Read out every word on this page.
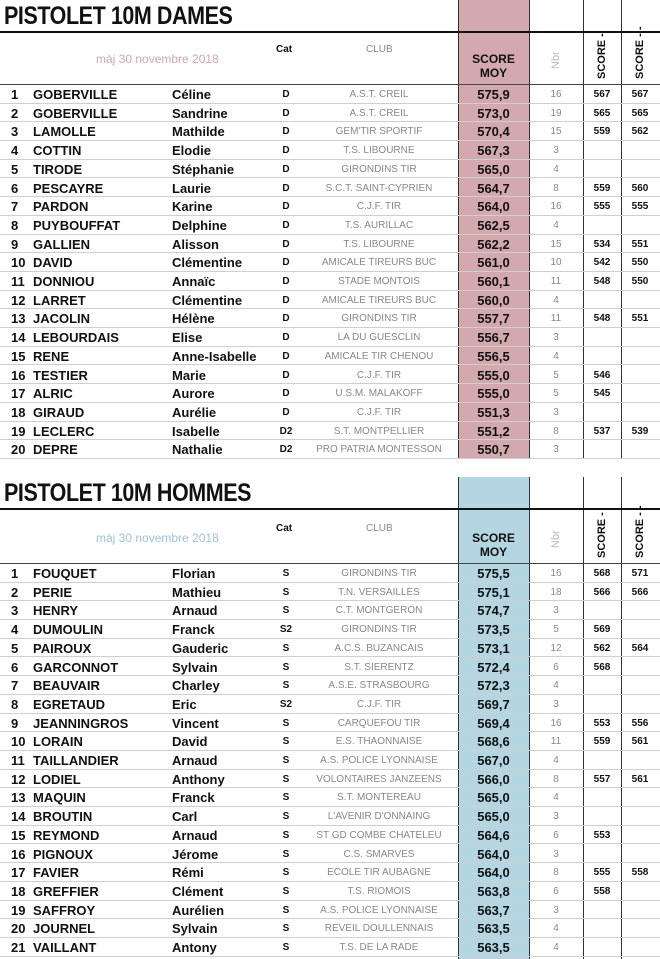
PISTOLET 10M DAMES
màj 30 novembre 2018
Cat	CLUB
SCORE MOY
Nbr	SCORE - SCORE - -
1 GOBERVILLE	Céline	D	A.S.T. CREIL	575,9	16	567	567
2 GOBERVILLE	Sandrine	D	A.S.T. CREIL	573,0	19	565	565
3 LAMOLLE	Mathilde	D	GEM'TIR SPORTIF	570,4	15	559	562
4 COTTIN	Elodie	D	T.S. LIBOURNE	567,3	3
5 TIRODE	Stéphanie	D	GIRONDINS TIR	565,0	4
6 PESCAYRE	Laurie	D	S.C.T. SAINT-CYPRIEN	564,7	8	559	560
7 PARDON	Karine	D	C.J.F. TIR	564,0	16	555	555
8 PUYBOUFFAT	Delphine	D	T.S. AURILLAC	562,5	4
9 GALLIEN	Alisson	D	T.S. LIBOURNE	562,2	15	534	551
10 DAVID	Clémentine	D	AMICALE TIREURS BUC	561,0	10	542	550
11 DONNIOU	Annaïc	D	STADE MONTOIS	560,1	11	548	550
12 LARRET	Clémentine	D	AMICALE TIREURS BUC	560,0	4
13 JACOLIN	Hélène	D	GIRONDINS TIR	557,7	11	548	551
14 LEBOURDAIS	Elise	D	LA DU GUESCLIN	556,7	3
15 RENE	Anne-Isabelle	D	AMICALE TIR CHENOU	556,5	4
16 TESTIER	Marie	D	C.J.F. TIR	555,0	5	546
17 ALRIC	Aurore	D	U.S.M. MALAKOFF	555,0	5	545
18 GIRAUD	Aurélie	D	C.J.F. TIR	551,3	3
19 LECLERC	Isabelle	D2	S.T. MONTPELLIER	551,2	8	537	539
20 DEPRE	Nathalie	D2	PRO PATRIA MONTESSON	550,7	3
PISTOLET 10M HOMMES
màj 30 novembre 2018
Cat	CLUB
SCORE MOY
Nbr	SCORE - SCORE - -
1 FOUQUET	Florian	S	GIRONDINS TIR	575,5	16	568	571
2 PERIE	Mathieu	S	T.N. VERSAILLES	575,1	18	566	566
3 HENRY	Arnaud	S	C.T. MONTGERON	574,7	3
4 DUMOULIN	Franck	S2	GIRONDINS TIR	573,5	5	569
5 PAIROUX	Gauderic	S	A.C.S. BUZANCAIS	573,1	12	562	564
6 GARCONNOT	Sylvain	S	S.T. SIERENTZ	572,4	6	568
7 BEAUVAIR	Charley	S	A.S.E. STRASBOURG	572,3	4
8 EGRETAUD	Eric	S2	C.J.F. TIR	569,7	3
9 JEANNINGROS	Vincent	S	CARQUEFOU TIR	569,4	16	553	556
10 LORAIN	David	S	E.S. THAONNAISE	568,6	11	559	561
11 TAILLANDIER	Arnaud	S	A.S. POLICE LYONNAISE	567,0	4
12 LODIEL	Anthony	S	VOLONTAIRES JANZEENS	566,0	8	557	561
13 MAQUIN	Franck	S	S.T. MONTEREAU	565,0	4
14 BROUTIN	Carl	S	L'AVENIR D'ONNAING	565,0	3
15 REYMOND	Arnaud	S	ST GD COMBE CHATELEU	564,6	6	553
16 PIGNOUX	Jérome	S	C.S. SMARVES	564,0	3
17 FAVIER	Rémi	S	ECOLE TIR AUBAGNE	564,0	8	555	558
18 GREFFIER	Clément	S	T.S. RIOMOIS	563,8	6	558
19 SAFFROY	Aurélien	S	A.S. POLICE LYONNAISE	563,7	3
20 JOURNEL	Sylvain	S	REVEIL DOULLENNAIS	563,5	4
21 VAILLANT	Antony	S	T.S. DE LA RADE	563,5	4
